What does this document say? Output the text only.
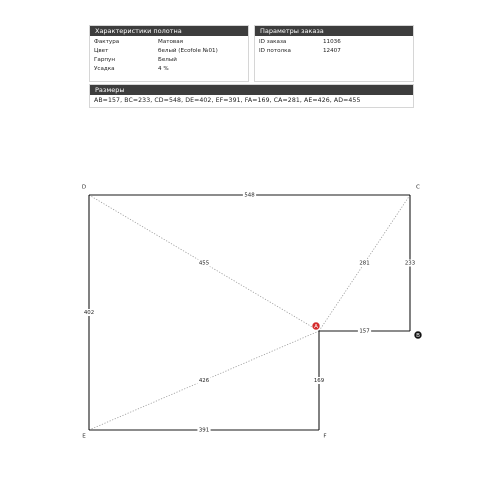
Характеристики полотна
Фактура	Матовая
Цвет	белый (Ecofole №01)
Гарпун	Белый
Усадка	4 %
Параметры заказа
ID заказа	11036
ID потолка	12407
Размеры
AB=157, BC=233, CD=548, DE=402, EF=391, FA=169, CA=281, AE=426, AD=455
455	281
426
548
233
157
169
391
402
D	C
B
A
F
E
